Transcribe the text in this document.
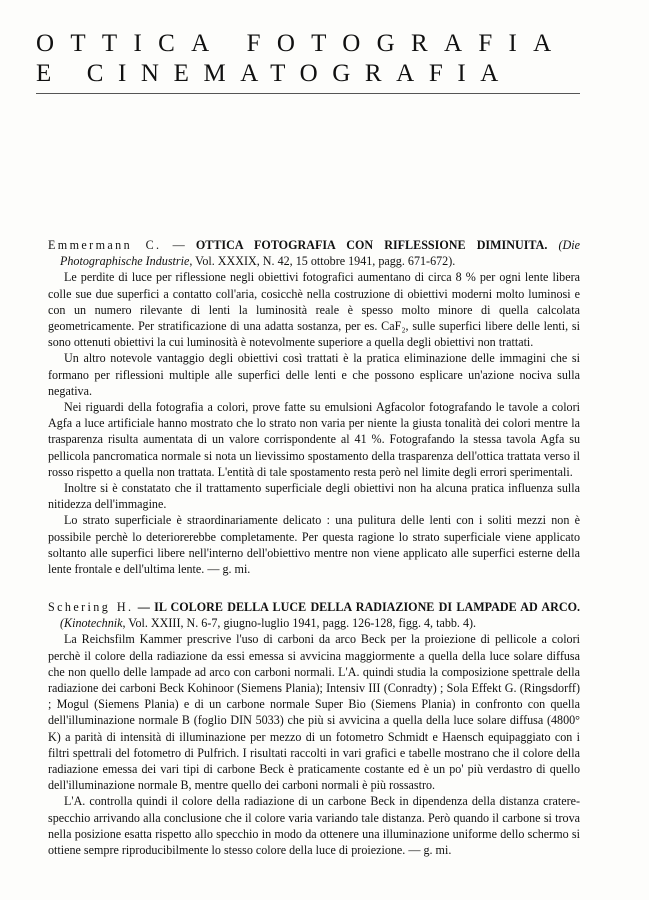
OTTICA FOTOGRAFIA
E CINEMATOGRAFIA

Emmermann C. — OTTICA FOTOGRAFIA CON RIFLESSIONE DIMINUITA. (Die Photographische Industrie, Vol. XXXIX, N. 42, 15 ottobre 1941, pagg. 671-672).

Le perdite di luce per riflessione negli obiettivi fotografici aumentano di circa 8 % per ogni lente libera colle sue due superfici a contatto coll'aria, cosicchè nella costruzione di obiettivi moderni molto luminosi e con un numero rilevante di lenti la luminosità reale è spesso molto minore di quella calcolata geometricamente. Per stratificazione di una adatta sostanza, per es. CaF₂, sulle superfici libere delle lenti, si sono ottenuti obiettivi la cui luminosità è notevolmente superiore a quella degli obiettivi non trattati.

Un altro notevole vantaggio degli obiettivi così trattati è la pratica eliminazione delle immagini che si formano per riflessioni multiple alle superfici delle lenti e che possono esplicare un'azione nociva sulla negativa.

Nei riguardi della fotografia a colori, prove fatte su emulsioni Agfacolor fotografando le tavole a colori Agfa a luce artificiale hanno mostrato che lo strato non varia per niente la giusta tonalità dei colori mentre la trasparenza risulta aumentata di un valore corrispondente al 41 %. Fotografando la stessa tavola Agfa su pellicola pancromatica normale si nota un lievissimo spostamento della trasparenza dell'ottica trattata verso il rosso rispetto a quella non trattata. L'entità di tale spostamento resta però nel limite degli errori sperimentali.

Inoltre si è constatato che il trattamento superficiale degli obiettivi non ha alcuna pratica influenza sulla nitidezza dell'immagine.

Lo strato superficiale è straordinariamente delicato : una pulitura delle lenti con i soliti mezzi non è possibile perchè lo deteriorerebbe completamente. Per questa ragione lo strato superficiale viene applicato soltanto alle superfici libere nell'interno dell'obiettivo mentre non viene applicato alle superfici esterne della lente frontale e dell'ultima lente. — g. mi.

Schering H. — IL COLORE DELLA LUCE DELLA RADIAZIONE DI LAMPADE AD ARCO. (Kinotechnik, Vol. XXIII, N. 6-7, giugno-luglio 1941, pagg. 126-128, figg. 4, tabb. 4).

La Reichsfilm Kammer prescrive l'uso di carboni da arco Beck per la proiezione di pellicole a colori perchè il colore della radiazione da essi emessa si avvicina maggiormente a quella della luce solare diffusa che non quello delle lampade ad arco con carboni normali. L'A. quindi studia la composizione spettrale della radiazione dei carboni Beck Kohinoor (Siemens Plania); Intensiv III (Conradty) ; Sola Effekt G. (Ringsdorff) ; Mogul (Siemens Plania) e di un carbone normale Super Bio (Siemens Plania) in confronto con quella dell'illuminazione normale B (foglio DIN 5033) che più si avvicina a quella della luce solare diffusa (4800° K) a parità di intensità di illuminazione per mezzo di un fotometro Schmidt e Haensch equipaggiato con i filtri spettrali del fotometro di Pulfrich. I risultati raccolti in vari grafici e tabelle mostrano che il colore della radiazione emessa dei vari tipi di carbone Beck è praticamente costante ed è un po' più verdastro di quello dell'illuminazione normale B, mentre quello dei carboni normali è più rossastro.

L'A. controlla quindi il colore della radiazione di un carbone Beck in dipendenza della distanza cratere-specchio arrivando alla conclusione che il colore varia variando tale distanza. Però quando il carbone si trova nella posizione esatta rispetto allo specchio in modo da ottenere una illuminazione uniforme dello schermo si ottiene sempre riproducibilmente lo stesso colore della luce di proiezione. — g. mi.
